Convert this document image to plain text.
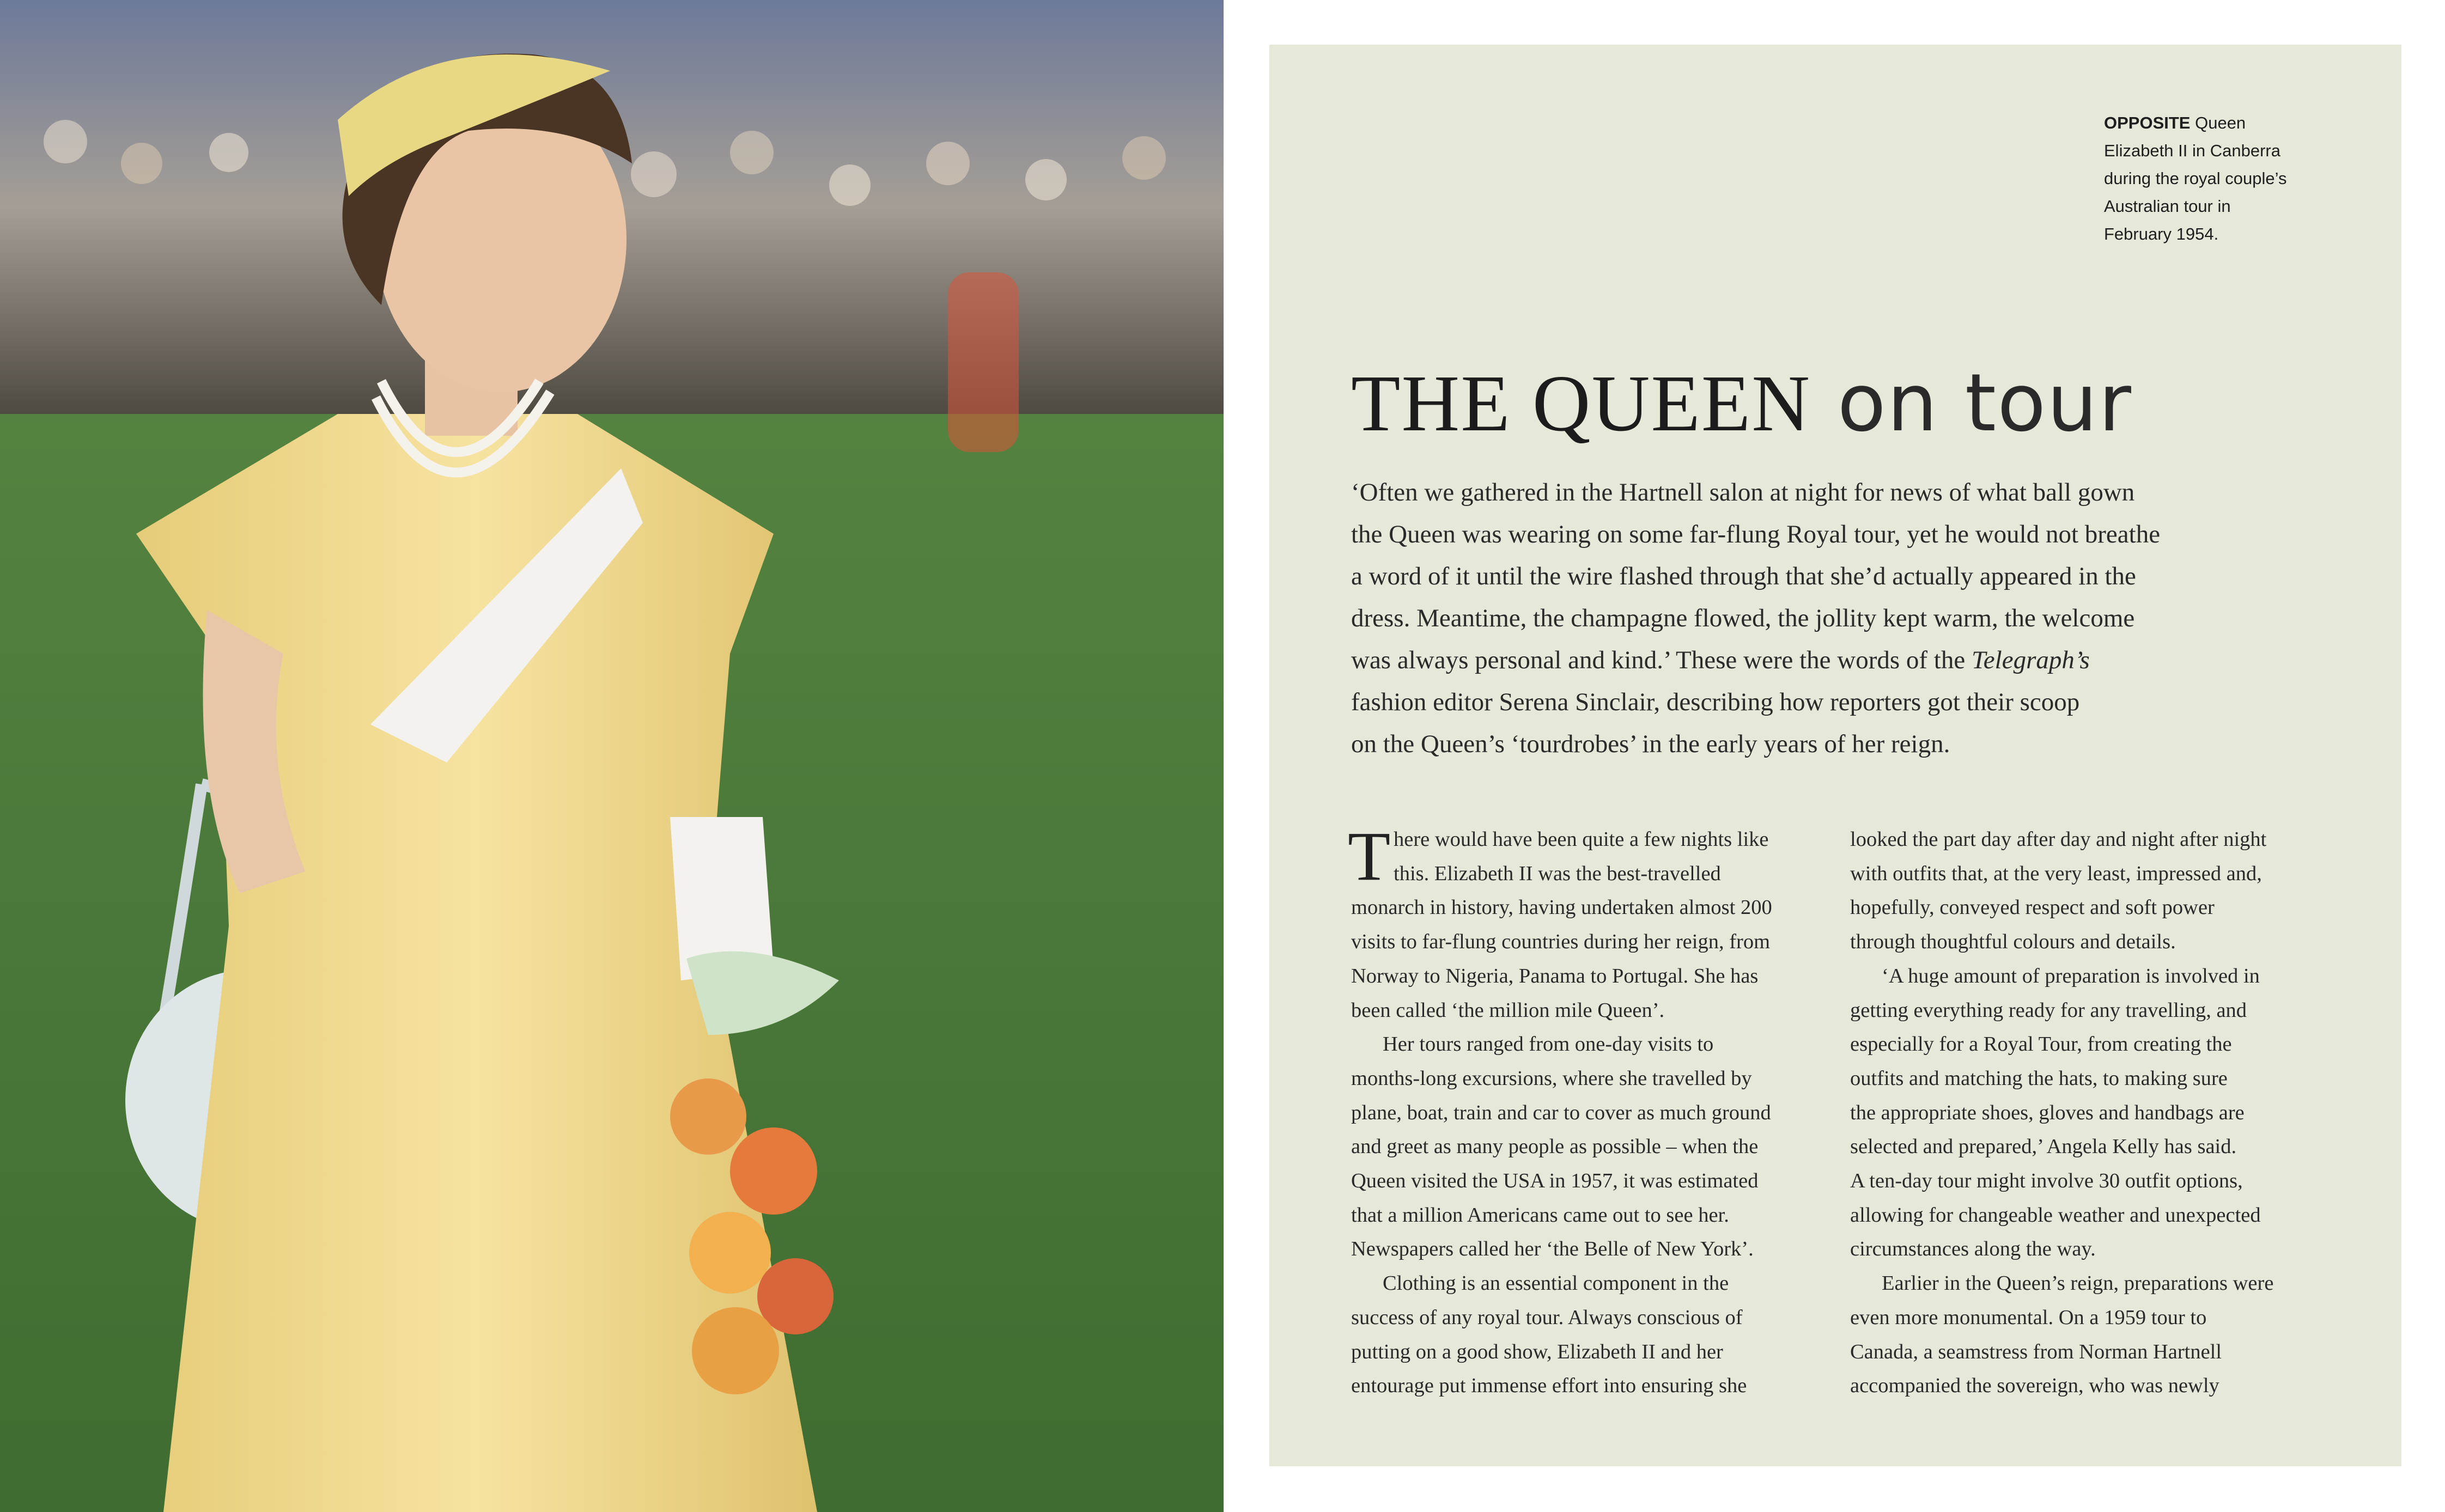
OPPOSITE Queen
Elizabeth II in Canberra
during the royal couple’s
Australian tour in
February 1954.
THE QUEEN on tour
‘Often we gathered in the Hartnell salon at night for news of what ball gown
the Queen was wearing on some far-flung Royal tour, yet he would not breathe
a word of it until the wire flashed through that she’d actually appeared in the
dress. Meantime, the champagne flowed, the jollity kept warm, the welcome
was always personal and kind.’ These were the words of the Telegraph’s
fashion editor Serena Sinclair, describing how reporters got their scoop
on the Queen’s ‘tourdrobes’ in the early years of her reign.
T here would have been quite a few nights like
this. Elizabeth II was the best-travelled
monarch in history, having undertaken almost 200
visits to far-flung countries during her reign, from
Norway to Nigeria, Panama to Portugal. She has
been called ‘the million mile Queen’.
Her tours ranged from one-day visits to
months-long excursions, where she travelled by
plane, boat, train and car to cover as much ground
and greet as many people as possible – when the
Queen visited the USA in 1957, it was estimated
that a million Americans came out to see her.
Newspapers called her ‘the Belle of New York’.
Clothing is an essential component in the
success of any royal tour. Always conscious of
putting on a good show, Elizabeth II and her
entourage put immense effort into ensuring she
looked the part day after day and night after night
with outfits that, at the very least, impressed and,
hopefully, conveyed respect and soft power
through thoughtful colours and details.
‘A huge amount of preparation is involved in
getting everything ready for any travelling, and
especially for a Royal Tour, from creating the
outfits and matching the hats, to making sure
the appropriate shoes, gloves and handbags are
selected and prepared,’ Angela Kelly has said.
A ten-day tour might involve 30 outfit options,
allowing for changeable weather and unexpected
circumstances along the way.
Earlier in the Queen’s reign, preparations were
even more monumental. On a 1959 tour to
Canada, a seamstress from Norman Hartnell
accompanied the sovereign, who was newly
